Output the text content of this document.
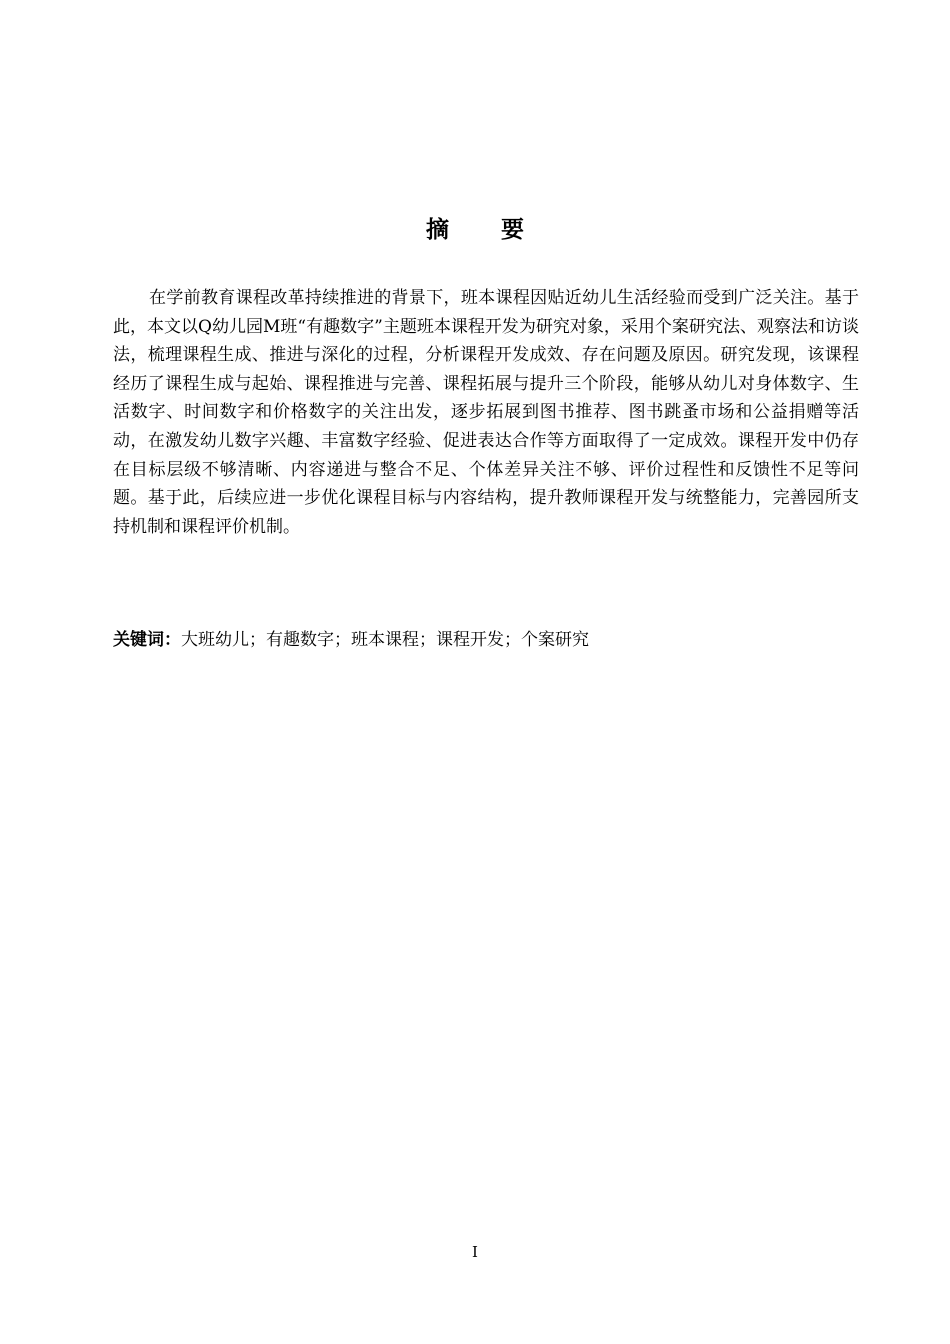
摘要

在学前教育课程改革持续推进的背景下，班本课程因贴近幼儿生活经验而受到广泛关注。基于此，本文以Q幼儿园M班“有趣数字”主题班本课程开发为研究对象，采用个案研究法、观察法和访谈法，梳理课程生成、推进与深化的过程，分析课程开发成效、存在问题及原因。研究发现，该课程经历了课程生成与起始、课程推进与完善、课程拓展与提升三个阶段，能够从幼儿对身体数字、生活数字、时间数字和价格数字的关注出发，逐步拓展到图书推荐、图书跳蚤市场和公益捐赠等活动，在激发幼儿数字兴趣、丰富数字经验、促进表达合作等方面取得了一定成效。课程开发中仍存在目标层级不够清晰、内容递进与整合不足、个体差异关注不够、评价过程性和反馈性不足等问题。基于此，后续应进一步优化课程目标与内容结构，提升教师课程开发与统整能力，完善园所支持机制和课程评价机制。

关键词：大班幼儿；有趣数字；班本课程；课程开发；个案研究

I
